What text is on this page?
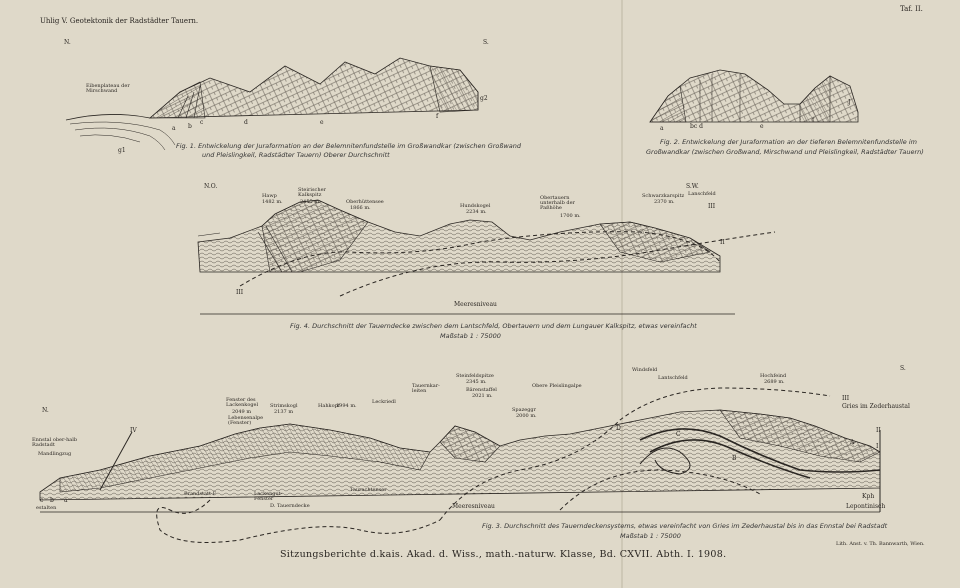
Uhlig V. Geotektonik der Radstädter Tauern.
Taf. II.
N.	S.
Eibenplateau der Mirschwand
a b
c	d	e
f
g1
g2
Fig. 1. Entwickelung der Juraformation an der Belemnitenfundstelle im Großwandkar (zwischen Großwand
und Pleislingkeil, Radstädter Tauern) Oberer Durchschnitt
a	bc d	e
f
J
Fig. 2. Entwickelung der Juraformation an der tieferen Belemnitenfundstelle im
Großwandkar (zwischen Großwand, Mirschwand und Pleislingkeil, Radstädter Tauern)
N.O.	S.W.
Hawp
1482 m.
Steirischer Kalkspitz
2455 m.	Oberhüttensee
1866 m.	Hundskogel
2234 m.
Obertauern unterhalb der Paßhöhe
1700 m.
Schwarzkarspitz
2370 m.
Lanschfeld
III
II
III
Meeresniveau
Fig. 4. Durchschnitt der Tauerndecke zwischen dem Lantschfeld, Obertauern und dem Lungauer Kalkspitz, etwas vereinfacht
Maßstab 1 : 75000
N.
S.
Ennstal ober-halb Radstadt
Mandlingzug
Fenster des Lackenkogel
2049 m
Lebensenalpe (Fenster)
Strimskogl
2137 m
Hahkopf
1994 m.
Leckriedl
Tauernkar-leiten
Steinfeldspitze
2345 m.
Bärenstaffel
2021 m.
Spazeggr
2000 m.
Obere Pleislingalpe
Windsfeld
Lantschfeld	Hochfeind
2689 m.
Gries im Zederhaustal
Brandstatt-F	Lackengut-Fenster
D. Tauerndecke
Taurachtenser
Meeresniveau
c b a
estalten
IV
III
II
I
D
C
B
A
Kph
Lepontinisch
Fig. 3. Durchschnitt des Tauerndeckensystems, etwas vereinfacht von Gries im Zederhaustal bis in das Ennstal bei Radstadt
Maßstab 1 : 75000
Sitzungsberichte d.kais. Akad. d. Wiss., math.-naturw. Klasse, Bd. CXVII. Abth. I. 1908.
Lith. Anst. v. Th. Bannwarth, Wien.
